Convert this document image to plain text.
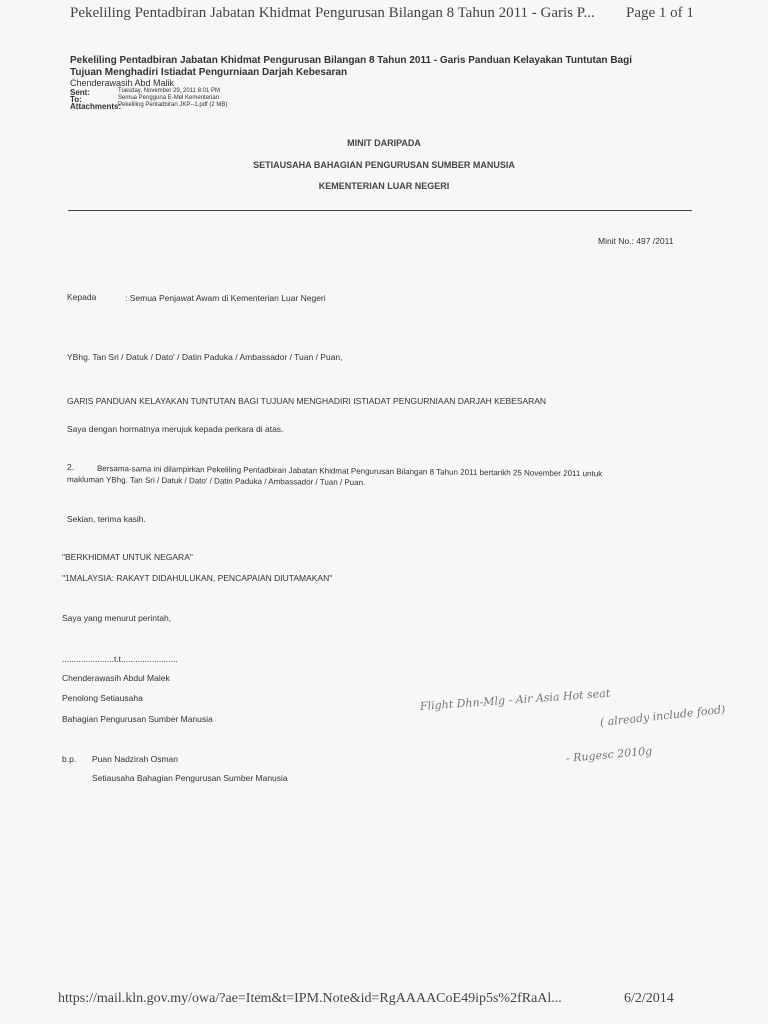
Pekeliling Pentadbiran Jabatan Khidmat Pengurusan Bilangan 8 Tahun 2011 - Garis P... Page 1 of 1
Pekeliling Pentadbiran Jabatan Khidmat Pengurusan Bilangan 8 Tahun 2011 - Garis Panduan Kelayakan Tuntutan Bagi
Tujuan Menghadiri Istiadat Pengurniaan Darjah Kebesaran
Chenderawasih Abd Malik
Sent:	Tuesday, November 29, 2011 8:01 PM
To:	Semua Pengguna E-Mel Kementerian
Attachments:
Pekeliling Pentadbiran JKP--1.pdf (2 MB)
MINIT DARIPADA
SETIAUSAHA BAHAGIAN PENGURUSAN SUMBER MANUSIA
KEMENTERIAN LUAR NEGERI
Minit No.: 497 /2011
Kepada	: Semua Penjawat Awam di Kementerian Luar Negeri
YBhg. Tan Sri / Datuk / Dato' / Datin Paduka / Ambassador / Tuan / Puan,
GARIS PANDUAN KELAYAKAN TUNTUTAN BAGI TUJUAN MENGHADIRI ISTIADAT PENGURNIAAN DARJAH KEBESARAN
Saya dengan hormatnya merujuk kepada perkara di atas.
2.	Bersama-sama ini dilampirkan Pekeliling Pentadbiran Jabatan Khidmat Pengurusan Bilangan 8 Tahun 2011 bertarikh 25 November 2011 untuk
makluman YBhg. Tan Sri / Datuk / Dato' / Datin Paduka / Ambassador / Tuan / Puan.
Sekian, terima kasih.
"BERKHIDMAT UNTUK NEGARA"
"1MALAYSIA: RAKAYT DIDAHULUKAN, PENCAPAIAN DIUTAMAKAN"
Saya yang menurut perintah,
......................t.t........................
Chenderawasih Abdul Malek
Penolong Setiausaha
Bahagian Pengurusan Sumber Manusia
b.p. Puan Nadzirah Osman
Setiausaha Bahagian Pengurusan Sumber Manusia
Flight Dhn-Mlg - Air Asia Hot seat
( already include food)
- Rugesc 2010g
https://mail.kln.gov.my/owa/?ae=Item&t=IPM.Note&id=RgAAAACoE49ip5s%2fRaAl...	6/2/2014
